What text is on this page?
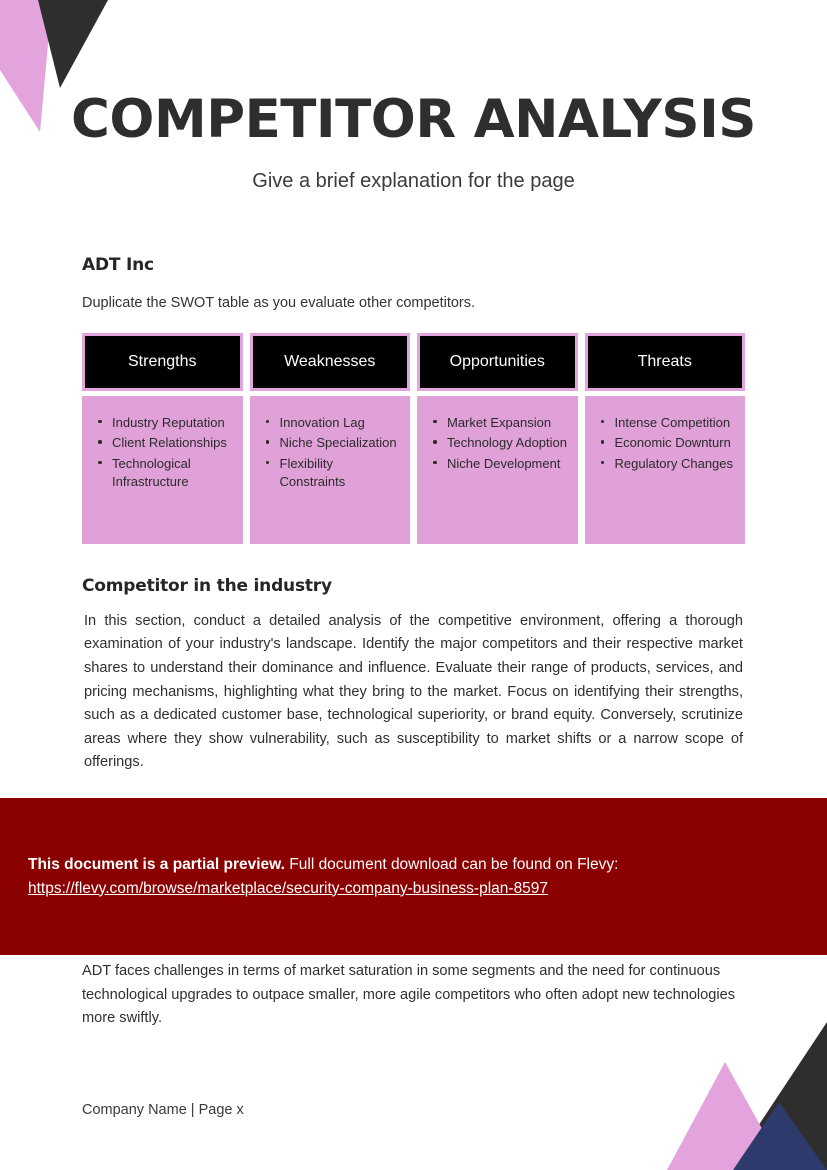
COMPETITOR ANALYSIS

Give a brief explanation for the page

ADT Inc

Duplicate the SWOT table as you evaluate other competitors.

Strengths
Industry Reputation
Client Relationships
Technological Infrastructure
Weaknesses
Innovation Lag
Niche Specialization
Flexibility Constraints
Opportunities
Market Expansion
Technology Adoption
Niche Development
Threats
Intense Competition
Economic Downturn
Regulatory Changes
Competitor in the industry

In this section, conduct a detailed analysis of the competitive environment, offering a thorough examination of your industry's landscape. Identify the major competitors and their respective market shares to understand their dominance and influence. Evaluate their range of products, services, and pricing mechanisms, highlighting what they bring to the market. Focus on identifying their strengths, such as a dedicated customer base, technological superiority, or brand equity. Conversely, scrutinize areas where they show vulnerability, such as susceptibility to market shifts or a narrow scope of offerings.

This document is a partial preview. Full document download can be found on Flevy:
https://flevy.com/browse/marketplace/security-company-business-plan-8597

ADT faces challenges in terms of market saturation in some segments and the need for continuous technological upgrades to outpace smaller, more agile competitors who often adopt new technologies more swiftly.

Company Name | Page x
